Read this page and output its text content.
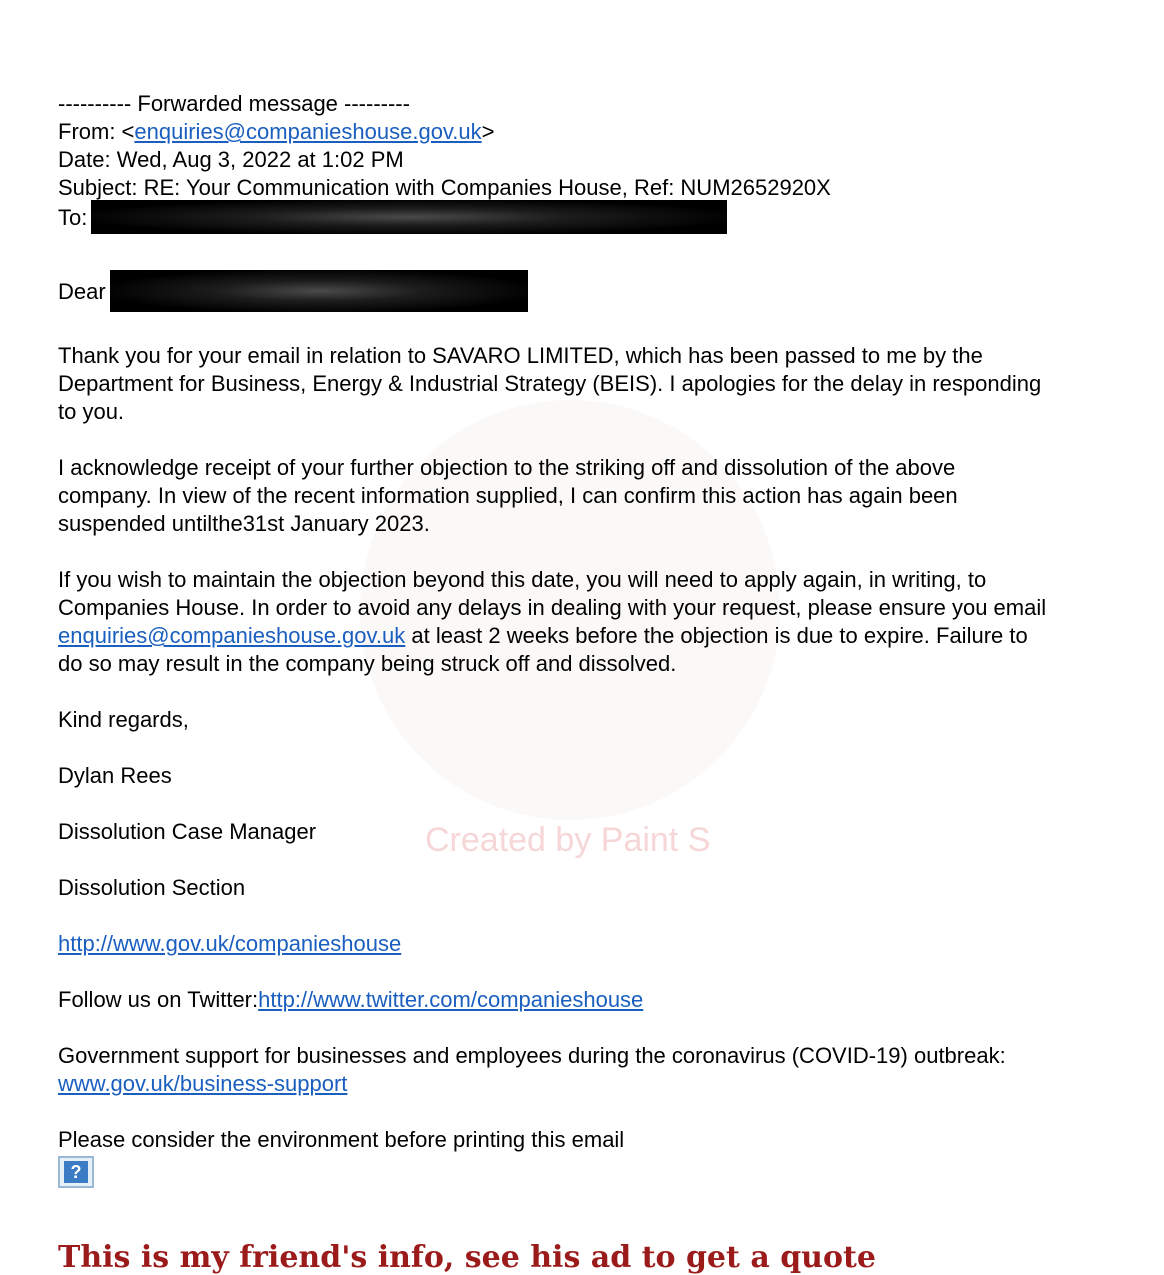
Created by Paint S
---------- Forwarded message ---------
From: <enquiries@companieshouse.gov.uk>
Date: Wed, Aug 3, 2022 at 1:02 PM
Subject: RE: Your Communication with Companies House, Ref: NUM2652920X
To:
Dear
Thank you for your email in relation to SAVARO LIMITED, which has been passed to me by the
Department for Business, Energy & Industrial Strategy (BEIS). I apologies for the delay in responding
to you.
I acknowledge receipt of your further objection to the striking off and dissolution of the above
company. In view of the recent information supplied, I can confirm this action has again been
suspended untilthe31st January 2023.
If you wish to maintain the objection beyond this date, you will need to apply again, in writing, to
Companies House. In order to avoid any delays in dealing with your request, please ensure you email
enquiries@companieshouse.gov.uk at least 2 weeks before the objection is due to expire. Failure to
do so may result in the company being struck off and dissolved.
Kind regards,
Dylan Rees
Dissolution Case Manager
Dissolution Section
http://www.gov.uk/companieshouse
Follow us on Twitter:http://www.twitter.com/companieshouse
Government support for businesses and employees during the coronavirus (COVID-19) outbreak:
www.gov.uk/business-support
Please consider the environment before printing this email
?
This is my friend's info, see his ad to get a quote
